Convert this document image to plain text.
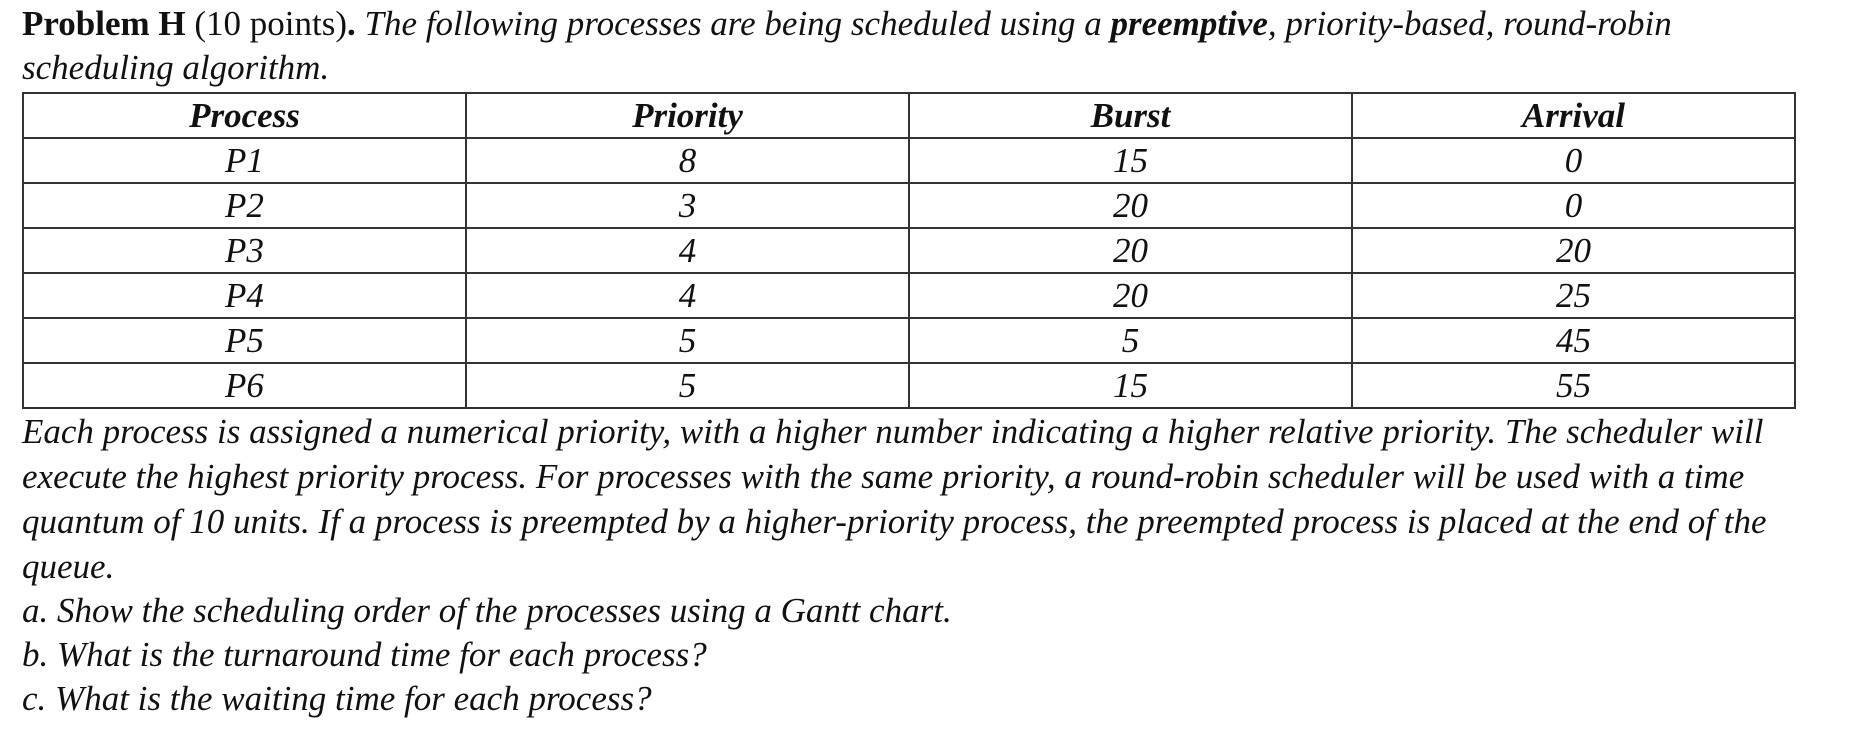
Problem H (10 points). The following processes are being scheduled using a preemptive, priority-based, round-robin scheduling algorithm.

Process	Priority	Burst	Arrival
P1	8	15	0
P2	3	20	0
P3	4	20	20
P4	4	20	25
P5	5	5	45
P6	5	15	55

Each process is assigned a numerical priority, with a higher number indicating a higher relative priority. The scheduler will execute the highest priority process. For processes with the same priority, a round-robin scheduler will be used with a time quantum of 10 units. If a process is preempted by a higher-priority process, the preempted process is placed at the end of the queue.

a. Show the scheduling order of the processes using a Gantt chart.

b. What is the turnaround time for each process?

c. What is the waiting time for each process?
